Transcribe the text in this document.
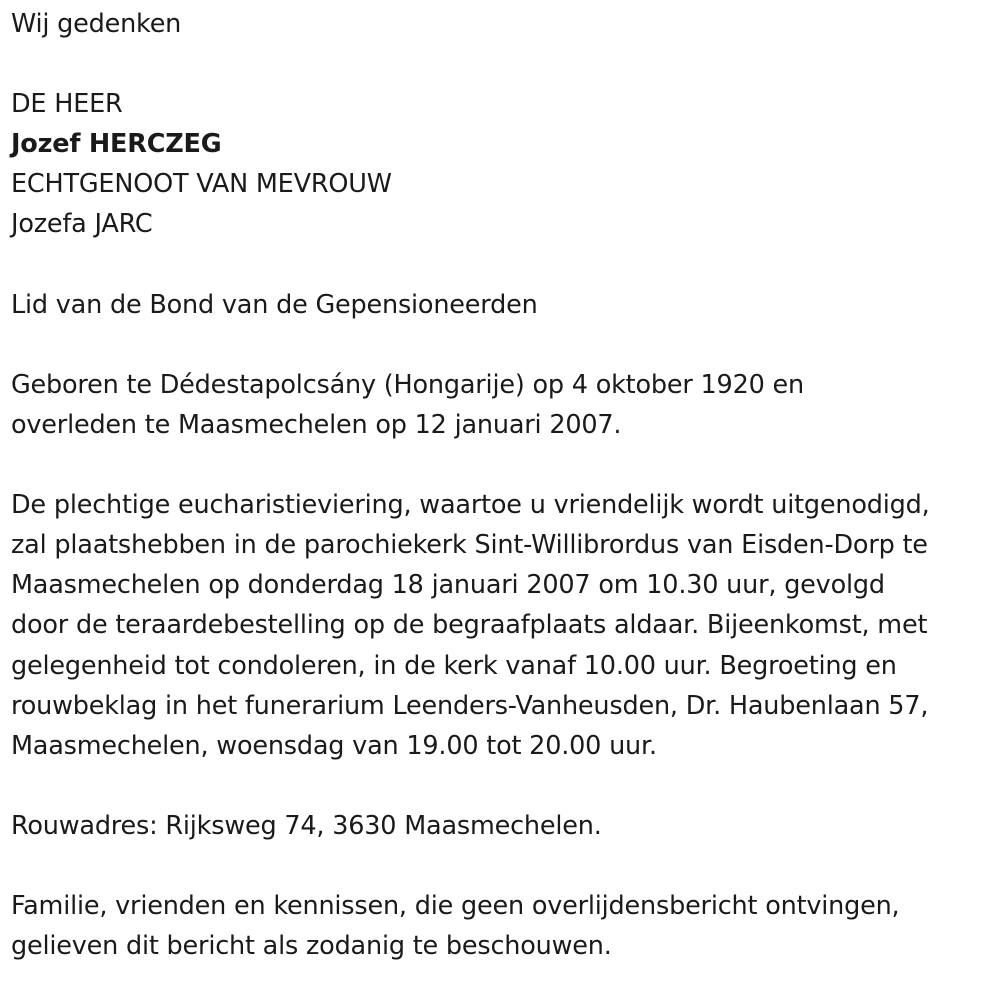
Wij gedenken
DE HEER
Jozef HERCZEG
ECHTGENOOT VAN MEVROUW
Jozefa JARC
Lid van de Bond van de Gepensioneerden
Geboren te Dédestapolcsány (Hongarije) op 4 oktober 1920 en
overleden te Maasmechelen op 12 januari 2007.
De plechtige eucharistieviering, waartoe u vriendelijk wordt uitgenodigd,
zal plaatshebben in de parochiekerk Sint-Willibrordus van Eisden-Dorp te
Maasmechelen op donderdag 18 januari 2007 om 10.30 uur, gevolgd
door de teraardebestelling op de begraafplaats aldaar. Bijeenkomst, met
gelegenheid tot condoleren, in de kerk vanaf 10.00 uur. Begroeting en
rouwbeklag in het funerarium Leenders-Vanheusden, Dr. Haubenlaan 57,
Maasmechelen, woensdag van 19.00 tot 20.00 uur.
Rouwadres: Rijksweg 74, 3630 Maasmechelen.
Familie, vrienden en kennissen, die geen overlijdensbericht ontvingen,
gelieven dit bericht als zodanig te beschouwen.
